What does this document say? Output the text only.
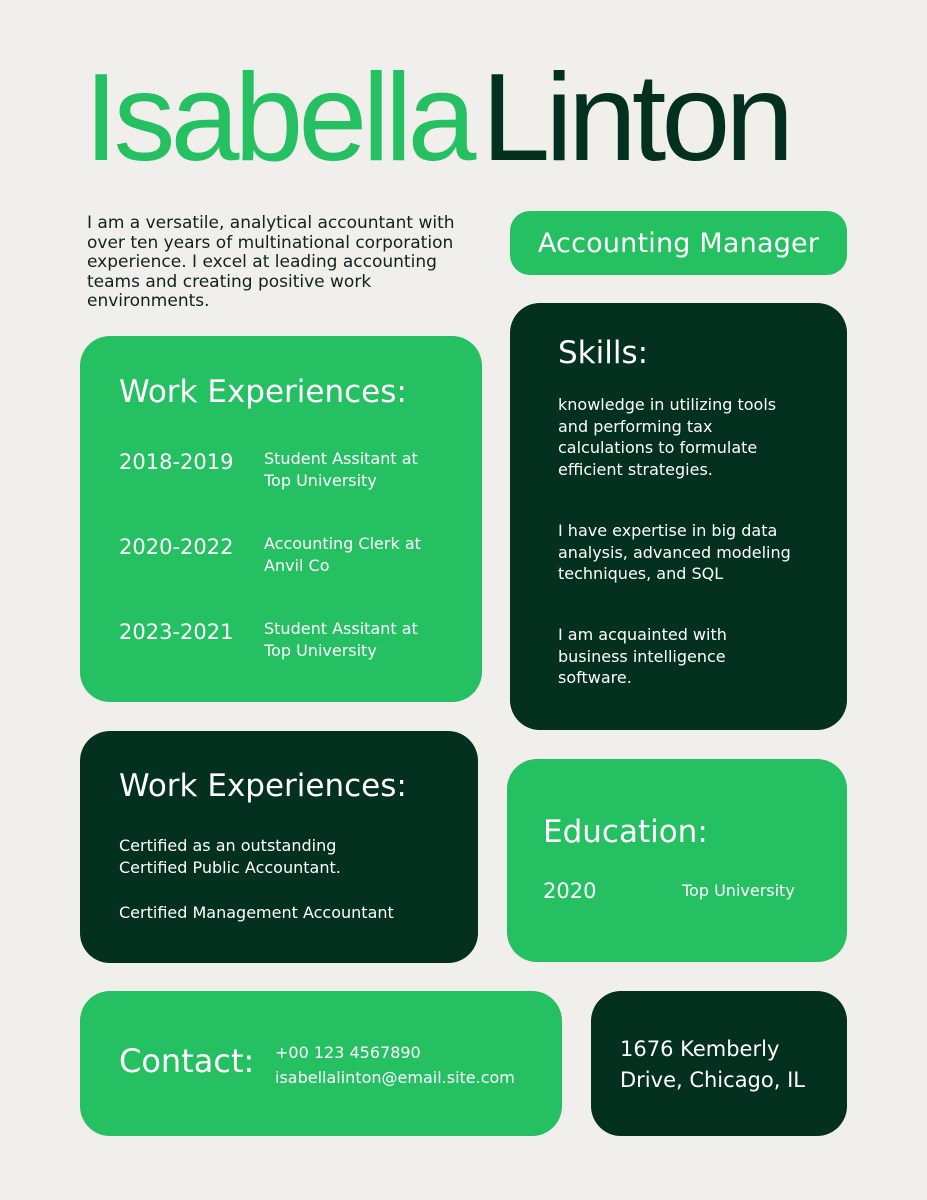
IsabellaLinton

I am a versatile, analytical accountant with over ten years of multinational corporation experience. I excel at leading accounting teams and creating positive work environments.

Accounting Manager
Work Experiences:

2018-2019 Student Assitant at Top University

2020-2022 Accounting Clerk at Anvil Co

2023-2021 Student Assitant at Top University

Skills:

knowledge in utilizing tools and performing tax calculations to formulate efficient strategies.

I have expertise in big data analysis, advanced modeling techniques, and SQL

I am acquainted with business intelligence software.

Work Experiences:

Certified as an outstanding Certified Public Accountant.

Certified Management Accountant

Education:

2020	Top University

Contact: +00 123 4567890

isabellalinton@email.site.com

1676 Kemberly Drive, Chicago, IL
